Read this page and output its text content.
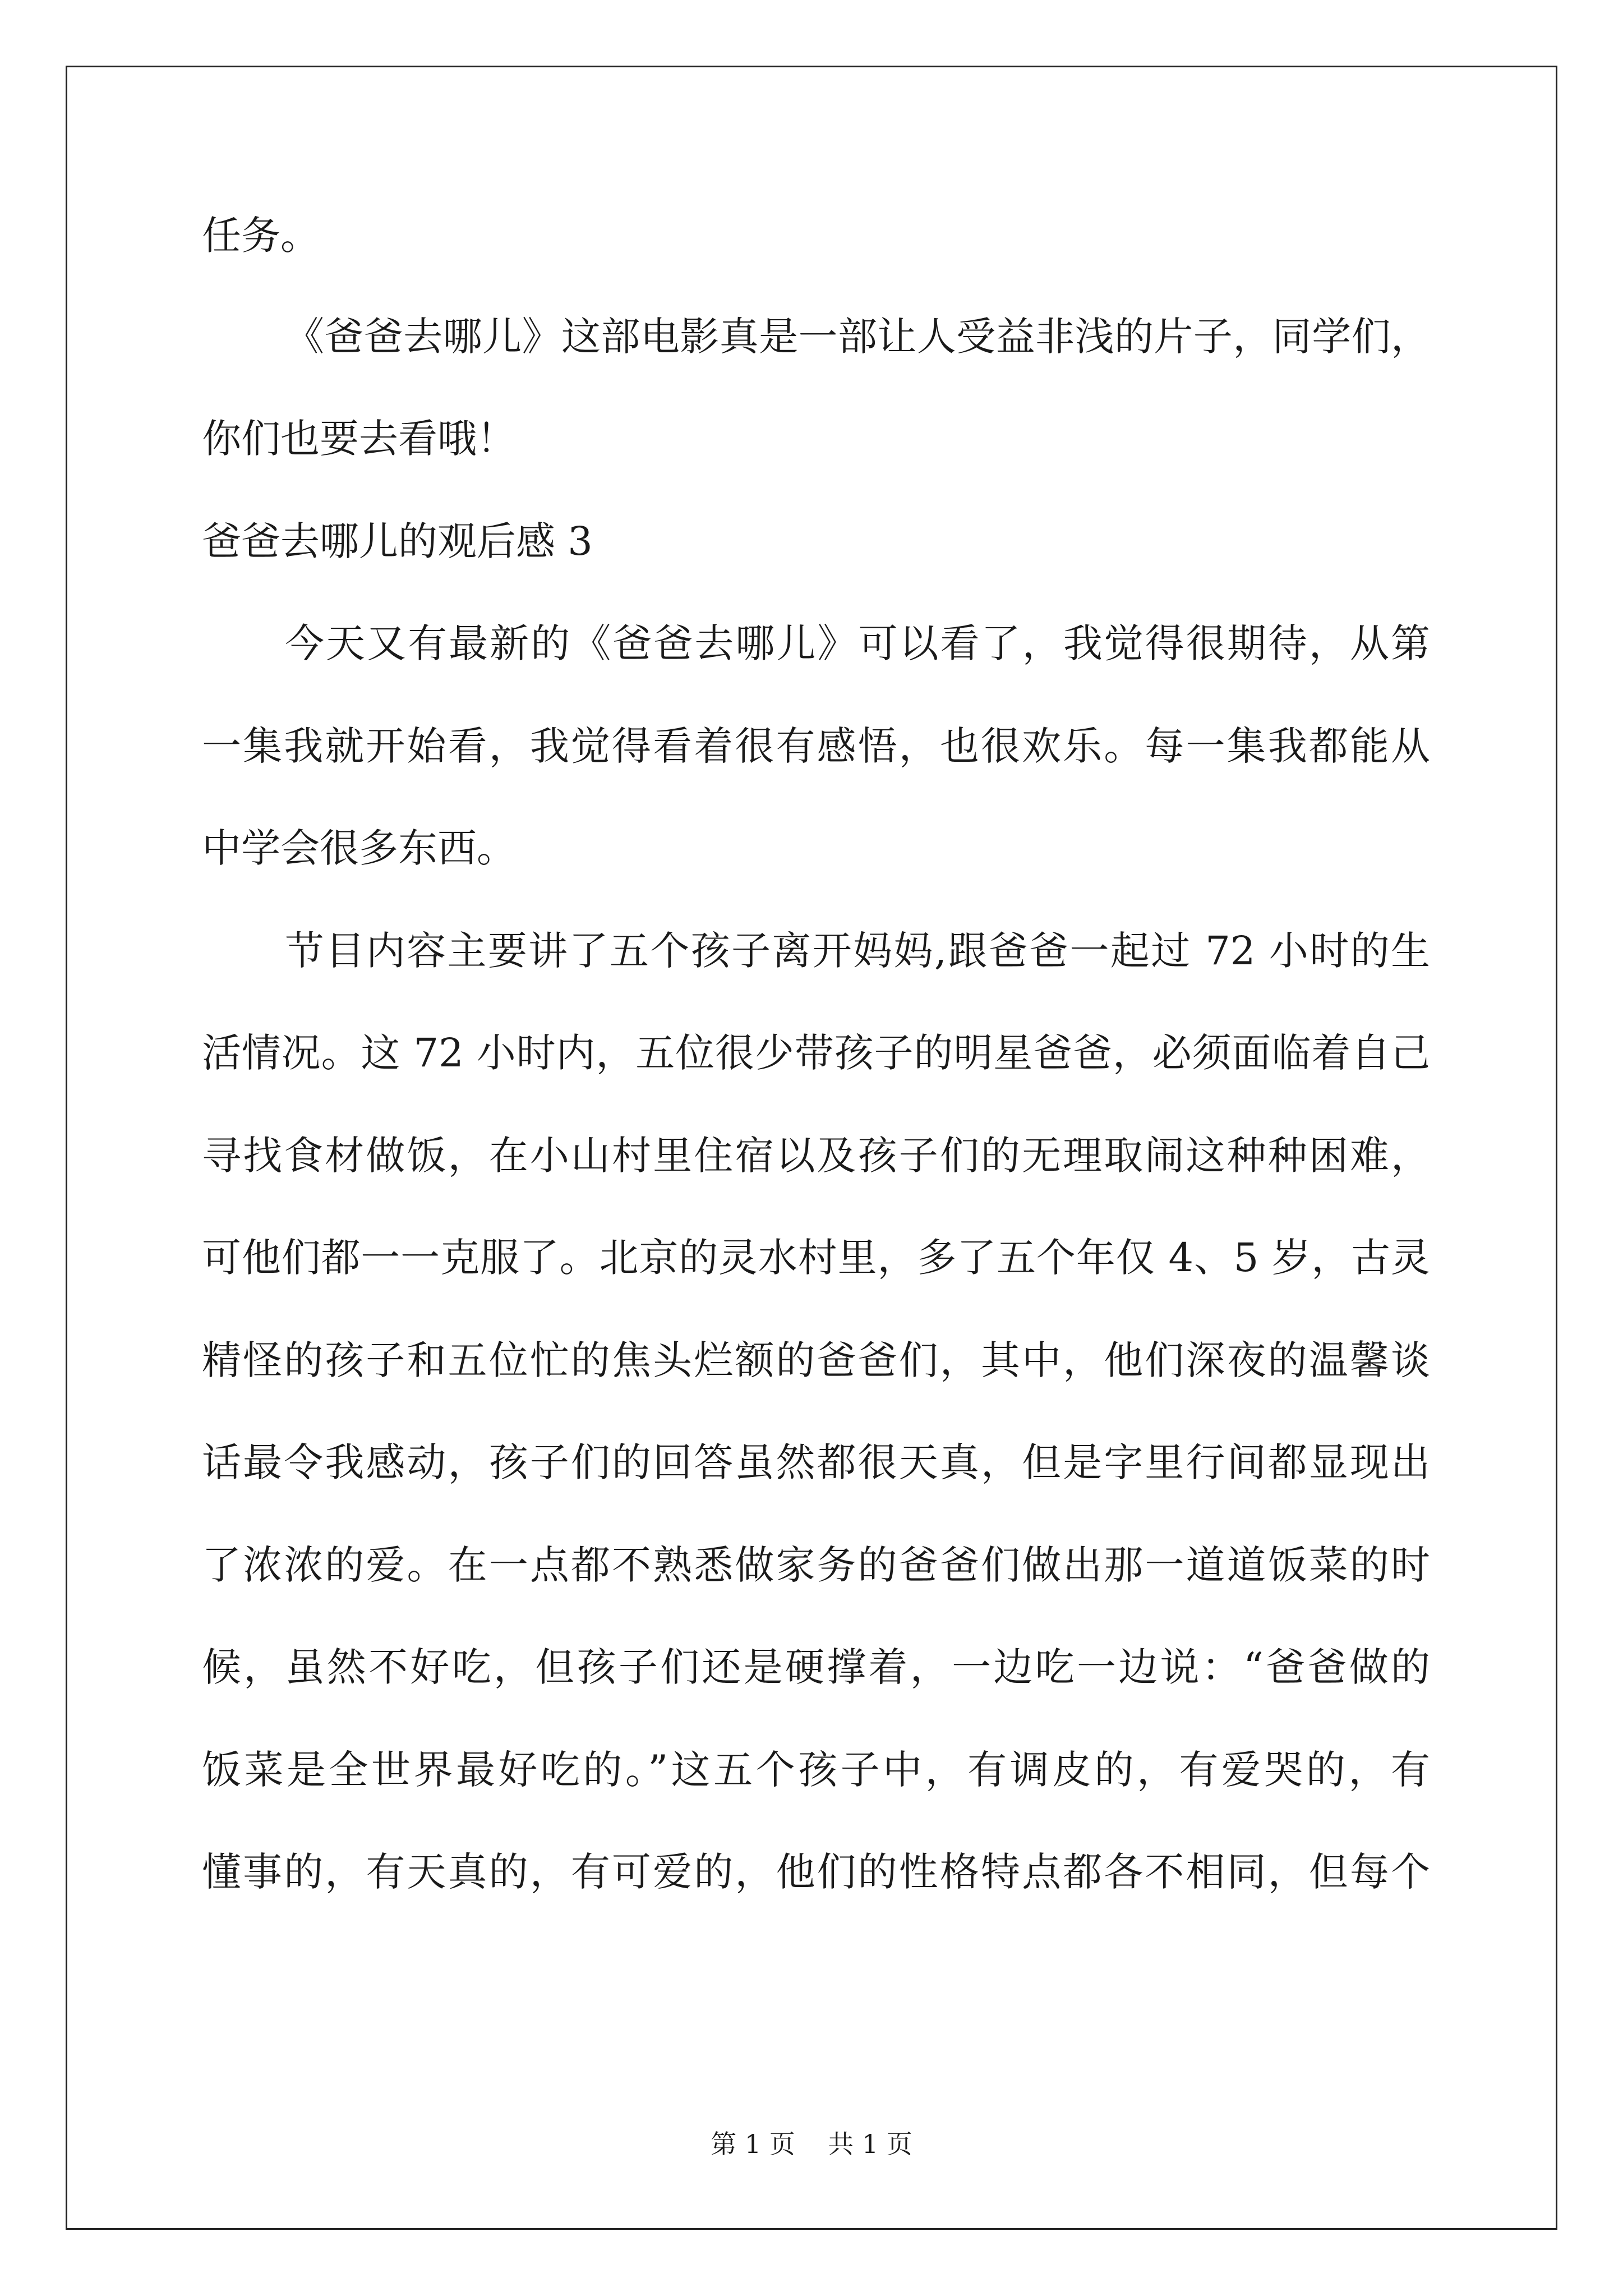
任务。
《爸爸去哪儿》这部电影真是一部让人受益非浅的片子，同学们，
你们也要去看哦！
爸爸去哪儿的观后感 3
今天又有最新的《爸爸去哪儿》可以看了，我觉得很期待，从第
一集我就开始看，我觉得看着很有感悟，也很欢乐。每一集我都能从
中学会很多东西。
节目内容主要讲了五个孩子离开妈妈,跟爸爸一起过 72 小时的生
活情况。这 72 小时内，五位很少带孩子的明星爸爸，必须面临着自己
寻找食材做饭，在小山村里住宿以及孩子们的无理取闹这种种困难，
可他们都一一克服了。北京的灵水村里，多了五个年仅 4、5 岁，古灵
精怪的孩子和五位忙的焦头烂额的爸爸们，其中，他们深夜的温馨谈
话最令我感动，孩子们的回答虽然都很天真，但是字里行间都显现出
了浓浓的爱。在一点都不熟悉做家务的爸爸们做出那一道道饭菜的时
候，虽然不好吃，但孩子们还是硬撑着，一边吃一边说：“爸爸做的
饭菜是全世界最好吃的。”这五个孩子中，有调皮的，有爱哭的，有
懂事的，有天真的，有可爱的，他们的性格特点都各不相同，但每个
第 1 页    共 1 页
